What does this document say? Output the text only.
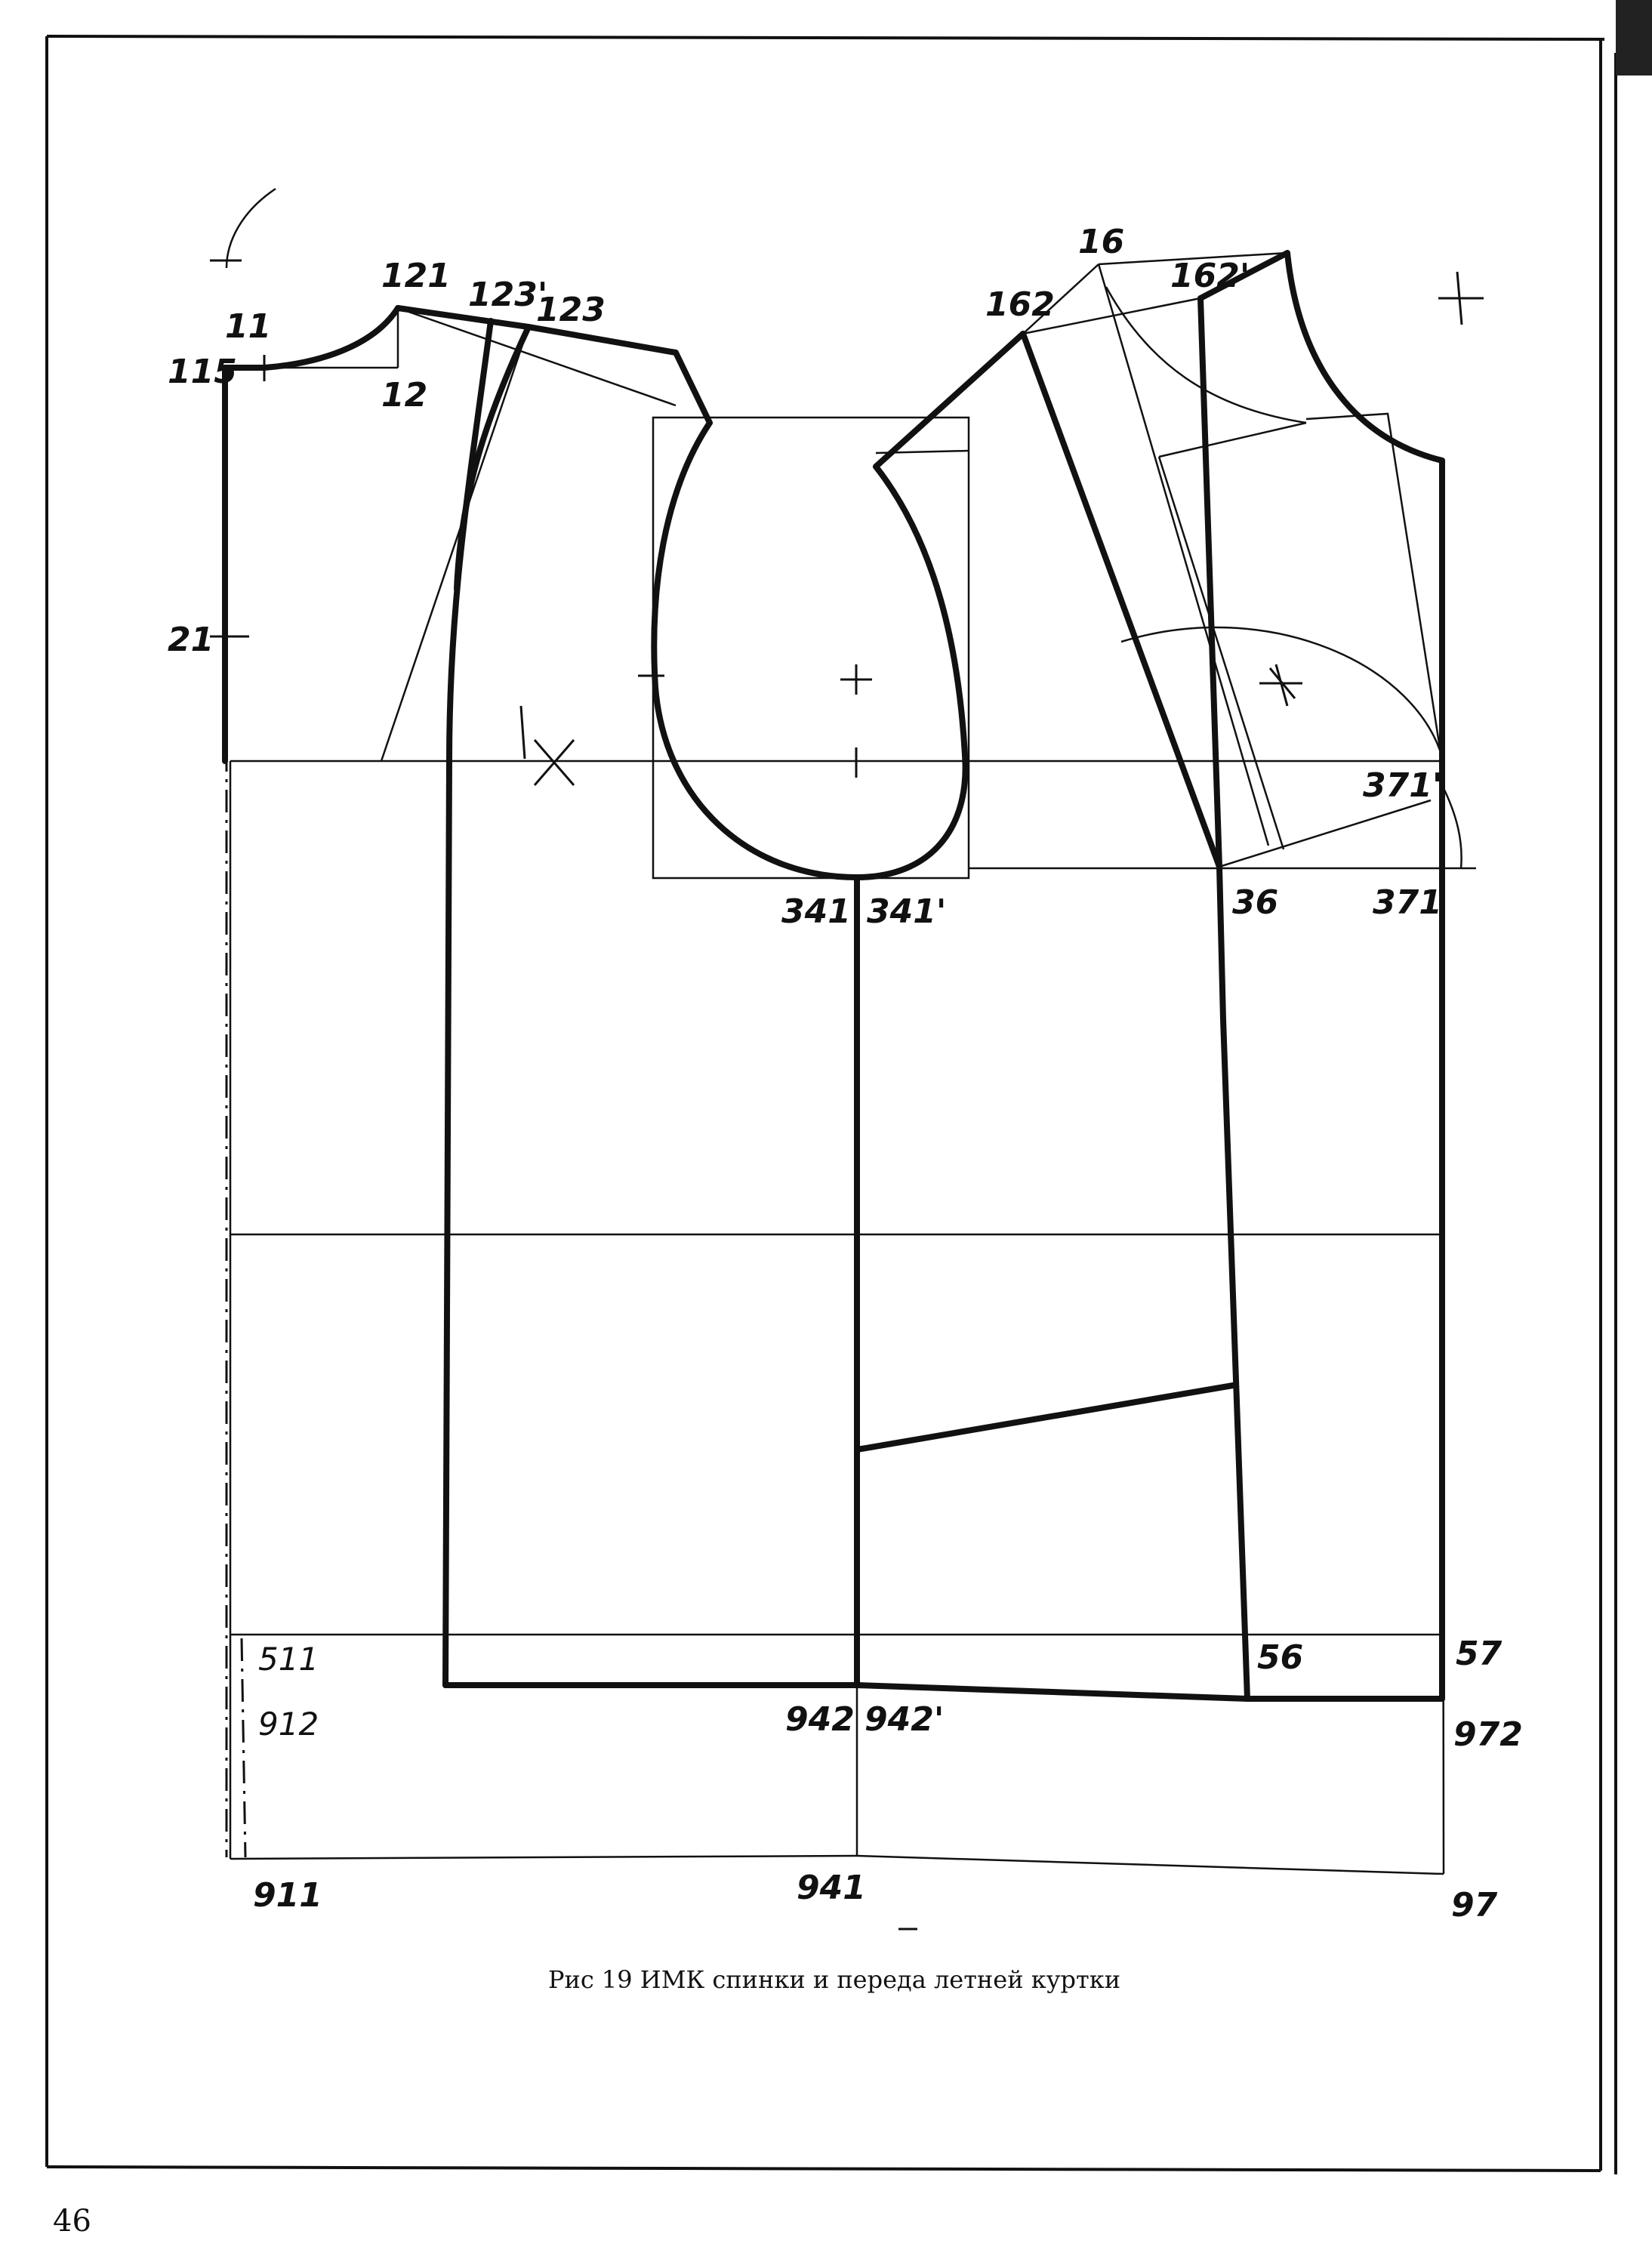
11
115
121
12
123'
123
21
16
162
162'
371'
341 341'	36	371
511	56	57
912	942 942'	972
911	941	97
Рис 19 ИМК спинки и переда летней куртки
46
